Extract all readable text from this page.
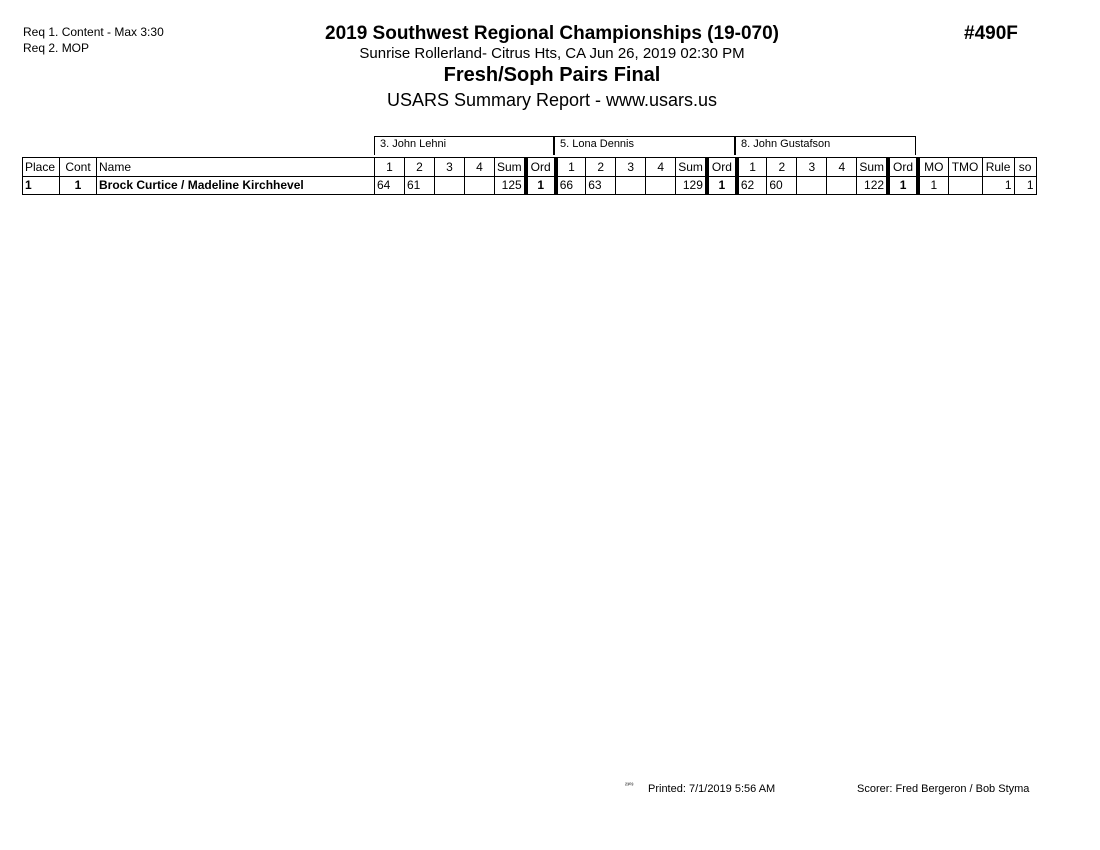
Req 1. Content - Max 3:30
Req 2. MOP
2019 Southwest Regional Championships (19-070)
Sunrise Rollerland- Citrus Hts, CA Jun 26, 2019 02:30 PM
Fresh/Soph Pairs Final
USARS Summary Report - www.usars.us
#490F
3. John Lehni	5. Lona Dennis	8. John Gustafson
Place	Cont	Name	1	2	3	4	Sum	Ord	1	2	3	4	Sum	Ord	1	2	3	4	Sum	Ord	MO	TMO	Rule	so
1	1	Brock Curtice / Madeline Kirchhevel	64	61			125	1	66	63			129	1	62	60			122	1	1		1	1
²³⁰³ Printed: 7/1/2019 5:56 AM	Scorer: Fred Bergeron / Bob Styma
